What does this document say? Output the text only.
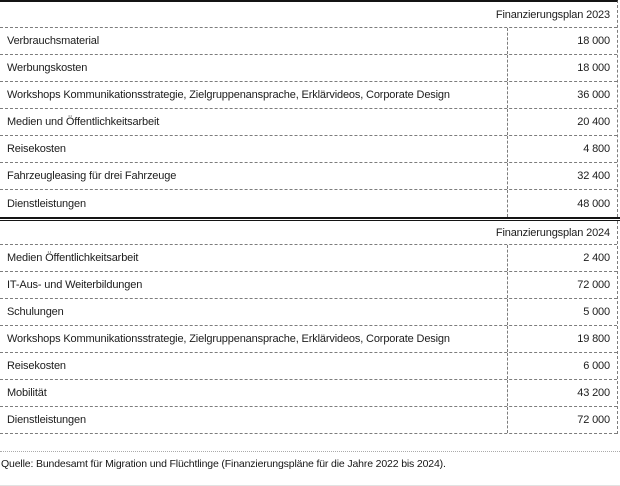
Finanzierungsplan 2023
Verbrauchsmaterial	18 000
Werbungskosten	18 000
Workshops Kommunikationsstrategie, Zielgruppenansprache, Erklärvideos, Corporate Design	36 000
Medien und Öffentlichkeitsarbeit	20 400
Reisekosten	4 800
Fahrzeugleasing für drei Fahrzeuge	32 400
Dienstleistungen	48 000
Finanzierungsplan 2024
Medien Öffentlichkeitsarbeit	2 400
IT-Aus- und Weiterbildungen	72 000
Schulungen	5 000
Workshops Kommunikationsstrategie, Zielgruppenansprache, Erklärvideos, Corporate Design	19 800
Reisekosten	6 000
Mobilität	43 200
Dienstleistungen	72 000
Quelle: Bundesamt für Migration und Flüchtlinge (Finanzierungspläne für die Jahre 2022 bis 2024).
